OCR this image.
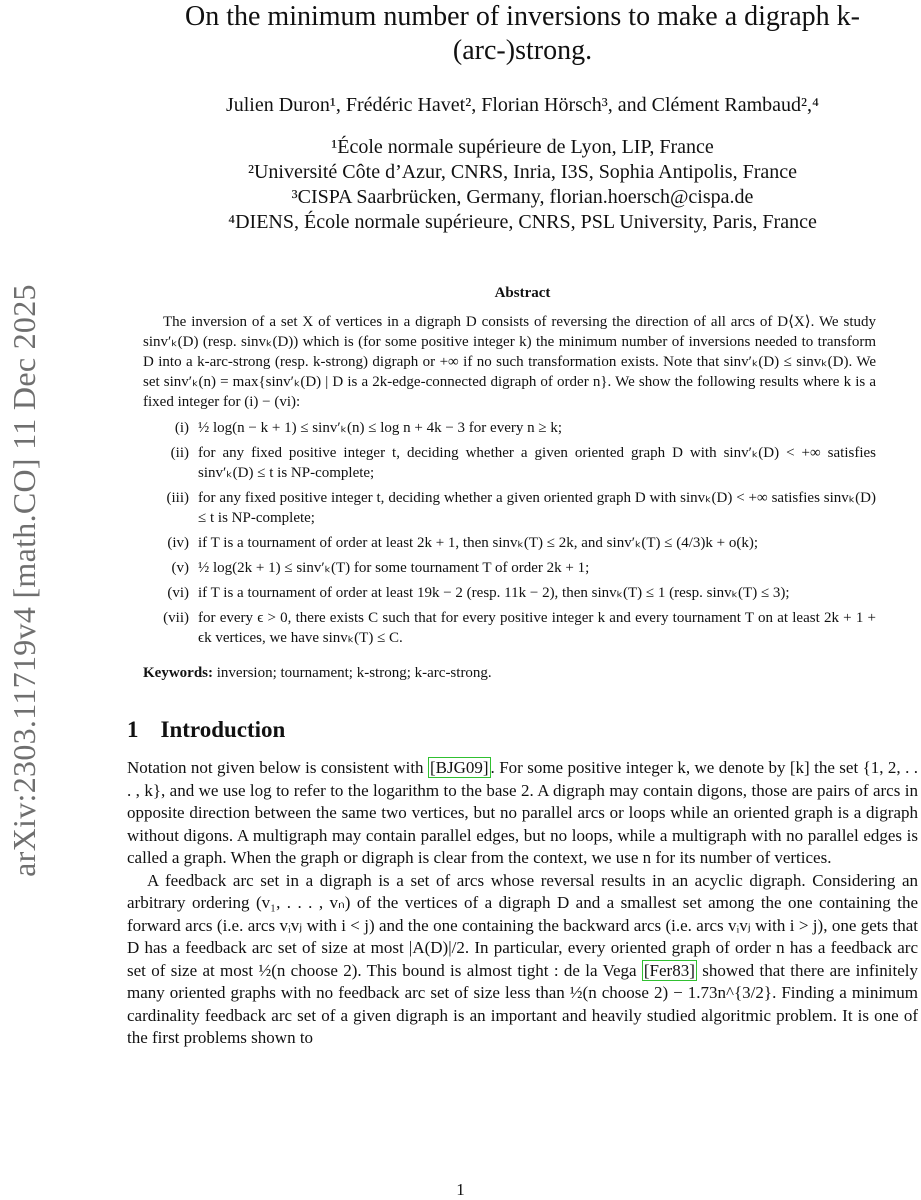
arXiv:2303.11719v4 [math.CO] 11 Dec 2025
On the minimum number of inversions to make a digraph k-(arc-)strong.
Julien Duron¹, Frédéric Havet², Florian Hörsch³, and Clément Rambaud²,⁴
¹École normale supérieure de Lyon, LIP, France
²Université Côte d’Azur, CNRS, Inria, I3S, Sophia Antipolis, France
³CISPA Saarbrücken, Germany, florian.hoersch@cispa.de
⁴DIENS, École normale supérieure, CNRS, PSL University, Paris, France
Abstract

The inversion of a set X of vertices in a digraph D consists of reversing the direction of all arcs of D⟨X⟩. We study sinv′ₖ(D) (resp. sinvₖ(D)) which is (for some positive integer k) the minimum number of inversions needed to transform D into a k-arc-strong (resp. k-strong) digraph or +∞ if no such transformation exists. Note that sinv′ₖ(D) ≤ sinvₖ(D). We set sinv′ₖ(n) = max{sinv′ₖ(D) | D is a 2k-edge-connected digraph of order n}. We show the following results where k is a fixed integer for (i) − (vi):

(i) ½ log(n − k + 1) ≤ sinv′ₖ(n) ≤ log n + 4k − 3 for every n ≥ k;
(ii) for any fixed positive integer t, deciding whether a given oriented graph D with sinv′ₖ(D) < +∞ satisfies sinv′ₖ(D) ≤ t is NP-complete;
(iii) for any fixed positive integer t, deciding whether a given oriented graph D with sinvₖ(D) < +∞ satisfies sinvₖ(D) ≤ t is NP-complete;
(iv) if T is a tournament of order at least 2k + 1, then sinvₖ(T) ≤ 2k, and sinv′ₖ(T) ≤ (4/3)k + o(k);
(v) ½ log(2k + 1) ≤ sinv′ₖ(T) for some tournament T of order 2k + 1;
(vi) if T is a tournament of order at least 19k − 2 (resp. 11k − 2), then sinvₖ(T) ≤ 1 (resp. sinvₖ(T) ≤ 3);
(vii) for every ϵ > 0, there exists C such that for every positive integer k and every tournament T on at least 2k + 1 + ϵk vertices, we have sinvₖ(T) ≤ C.
Keywords: inversion; tournament; k-strong; k-arc-strong.
1 Introduction

Notation not given below is consistent with [BJG09] . For some positive integer k, we denote by [k] the set {1, 2, . . . , k}, and we use log to refer to the logarithm to the base 2. A digraph may contain digons, those are pairs of arcs in opposite direction between the same two vertices, but no parallel arcs or loops while an oriented graph is a digraph without digons. A multigraph may contain parallel edges, but no loops, while a multigraph with no parallel edges is called a graph. When the graph or digraph is clear from the context, we use n for its number of vertices.

A feedback arc set in a digraph is a set of arcs whose reversal results in an acyclic digraph. Considering an arbitrary ordering (v₁, . . . , vₙ) of the vertices of a digraph D and a smallest set among the one containing the forward arcs (i.e. arcs vᵢvⱼ with i < j) and the one containing the backward arcs (i.e. arcs vᵢvⱼ with i > j), one gets that D has a feedback arc set of size at most |A(D)|/2. In particular, every oriented graph of order n has a feedback arc set of size at most ½(n choose 2). This bound is almost tight : de la Vega [Fer83] showed that there are infinitely many oriented graphs with no feedback arc set of size less than ½(n choose 2) − 1.73n^{3/2}. Finding a minimum cardinality feedback arc set of a given digraph is an important and heavily studied algoritmic problem. It is one of the first problems shown to

1
